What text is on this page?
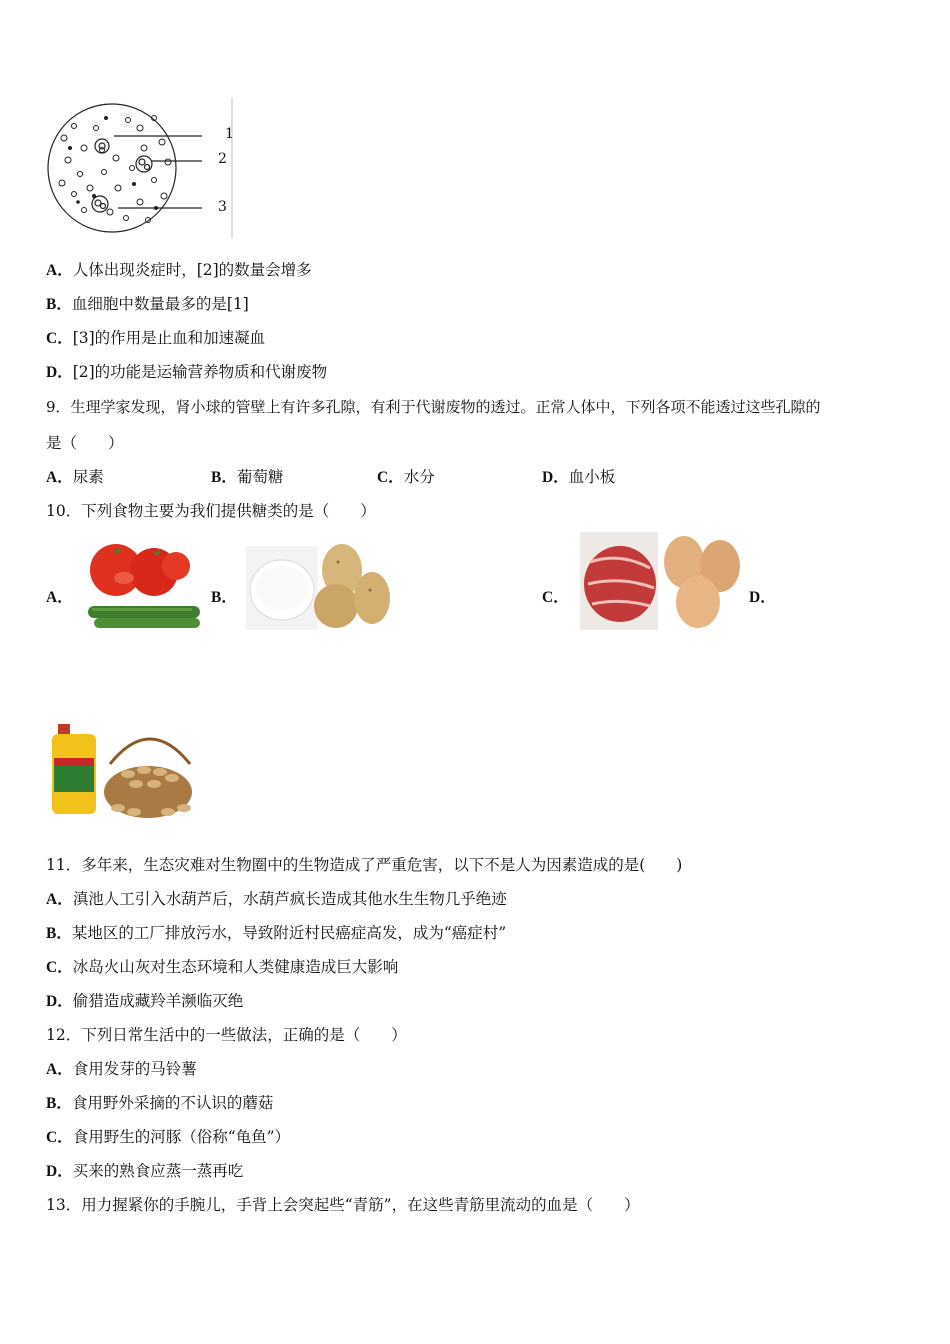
1
2
3
A．人体出现炎症时，[2]的数量会增多
B．血细胞中数量最多的是[1]
C．[3]的作用是止血和加速凝血
D．[2]的功能是运输营养物质和代谢废物
9．生理学家发现，肾小球的管壁上有许多孔隙，有利于代谢废物的透过。正常人体中，下列各项不能透过这些孔隙的
是（　　）
A．尿素	B．葡萄糖	C．水分	D．血小板
10．下列食物主要为我们提供糖类的是（　　）
A．	B．	C．	D．
11．多年来，生态灾难对生物圈中的生物造成了严重危害，以下不是人为因素造成的是(　　)
A．滇池人工引入水葫芦后，水葫芦疯长造成其他水生生物几乎绝迹
B．某地区的工厂排放污水，导致附近村民癌症高发，成为“癌症村”
C．冰岛火山灰对生态环境和人类健康造成巨大影响
D．偷猎造成藏羚羊濒临灭绝
12．下列日常生活中的一些做法，正确的是（　　）
A．食用发芽的马铃薯
B．食用野外采摘的不认识的蘑菇
C．食用野生的河豚（俗称“龟鱼”）
D．买来的熟食应蒸一蒸再吃
13．用力握紧你的手腕儿，手背上会突起些“青筋”，在这些青筋里流动的血是（　　）
